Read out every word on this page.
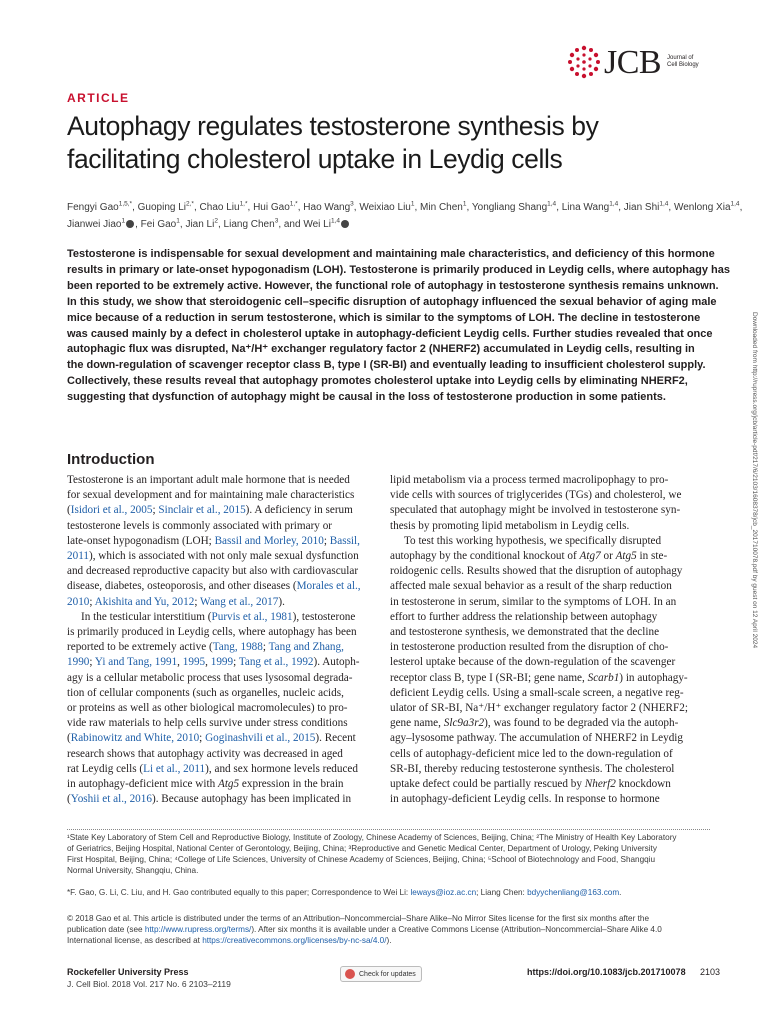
JCB Journal of
Cell Biology
ARTICLE
Autophagy regulates testosterone synthesis by facilitating cholesterol uptake in Leydig cells
Fengyi Gao$^{1,5,*}$, Guoping $Li^{2,*}$, Chao Liu$^{1,*}$, Hui Gao$^{1,*}$, Hao Wang$^3$, Weixiao Liu$^1$, Min Chen$^1$, Yongliang Shang$^{1,4}$, Lina Wang$^{1,4}$, Jian Shi$^{1,4}$, Wenlong Xia$^{1,4}$,
Jianwei Jiao$^1$ , Fei Gao$^1$, Jian Li$^2$, Liang Chen$^3$, and Wei Li$^{1,4}$
Testosterone is indispensable for sexual development and maintaining male characteristics, and deficiency of this hormone
results in primary or late-onset hypogonadism (LOH). Testosterone is primarily produced in Leydig cells, where autophagy has
been reported to be extremely active. However, the functional role of autophagy in testosterone synthesis remains unknown.
In this study, we show that steroidogenic cell–specific disruption of autophagy influenced the sexual behavior of aging male
mice because of a reduction in serum testosterone, which is similar to the symptoms of LOH. The decline in testosterone
was caused mainly by a defect in cholesterol uptake in autophagy-deficient Leydig cells. Further studies revealed that once
autophagic flux was disrupted, Na⁺/H⁺ exchanger regulatory factor 2 (NHERF2) accumulated in Leydig cells, resulting in
the down-regulation of scavenger receptor class B, type I (SR-BI) and eventually leading to insufficient cholesterol supply.
Collectively, these results reveal that autophagy promotes cholesterol uptake into Leydig cells by eliminating NHERF2,
suggesting that dysfunction of autophagy might be causal in the loss of testosterone production in some patients.
Introduction
Testosterone is an important adult male hormone that is needed
for sexual development and for maintaining male characteristics
(Isidori et al., 2005; Sinclair et al., 2015). A deficiency in serum
testosterone levels is commonly associated with primary or
late-onset hypogonadism (LOH; Bassil and Morley, 2010; Bassil,
2011), which is associated with not only male sexual dysfunction
and decreased reproductive capacity but also with cardiovascular
disease, diabetes, osteoporosis, and other diseases (Morales et al.,
2010; Akishita and Yu, 2012; Wang et al., 2017).
In the testicular interstitium (Purvis et al., 1981), testosterone
is primarily produced in Leydig cells, where autophagy has been
reported to be extremely active (Tang, 1988; Tang and Zhang,
1990; Yi and Tang, 1991, 1995, 1999; Tang et al., 1992). Autoph-
agy is a cellular metabolic process that uses lysosomal degrada-
tion of cellular components (such as organelles, nucleic acids,
or proteins as well as other biological macromolecules) to pro-
vide raw materials to help cells survive under stress conditions
(Rabinowitz and White, 2010; Goginashvili et al., 2015). Recent
research shows that autophagy activity was decreased in aged
rat Leydig cells (Li et al., 2011), and sex hormone levels reduced
in autophagy-deficient mice with Atg5 expression in the brain
(Yoshii et al., 2016). Because autophagy has been implicated in
lipid metabolism via a process termed macrolipophagy to pro-
vide cells with sources of triglycerides (TGs) and cholesterol, we
speculated that autophagy might be involved in testosterone syn-
thesis by promoting lipid metabolism in Leydig cells.
To test this working hypothesis, we specifically disrupted
autophagy by the conditional knockout of Atg7 or Atg5 in ste-
roidogenic cells. Results showed that the disruption of autophagy
affected male sexual behavior as a result of the sharp reduction
in testosterone in serum, similar to the symptoms of LOH. In an
effort to further address the relationship between autophagy
and testosterone synthesis, we demonstrated that the decline
in testosterone production resulted from the disruption of cho-
lesterol uptake because of the down-regulation of the scavenger
receptor class B, type I (SR-BI; gene name, Scarb1) in autophagy-
deficient Leydig cells. Using a small-scale screen, a negative reg-
ulator of SR-BI, Na⁺/H⁺ exchanger regulatory factor 2 (NHERF2;
gene name, Slc9a3r2), was found to be degraded via the autoph-
agy–lysosome pathway. The accumulation of NHERF2 in Leydig
cells of autophagy-deficient mice led to the down-regulation of
SR-BI, thereby reducing testosterone synthesis. The cholesterol
uptake defect could be partially rescued by Nherf2 knockdown
in autophagy-deficient Leydig cells. In response to hormone
¹State Key Laboratory of Stem Cell and Reproductive Biology, Institute of Zoology, Chinese Academy of Sciences, Beijing, China; ²The Ministry of Health Key Laboratory
of Geriatrics, Beijing Hospital, National Center of Gerontology, Beijing, China; ³Reproductive and Genetic Medical Center, Department of Urology, Peking University
First Hospital, Beijing, China; ⁴College of Life Sciences, University of Chinese Academy of Sciences, Beijing, China; ⁵School of Biotechnology and Food, Shangqiu
Normal University, Shangqiu, China.
*F. Gao, G. Li, C. Liu, and H. Gao contributed equally to this paper; Correspondence to Wei Li: leways@ioz.ac.cn; Liang Chen: bdyychenliang@163.com.
© 2018 Gao et al. This article is distributed under the terms of an Attribution–Noncommercial–Share Alike–No Mirror Sites license for the first six months after the
publication date (see http://www.rupress.org/terms/). After six months it is available under a Creative Commons License (Attribution–Noncommercial–Share Alike 4.0
International license, as described at https://creativecommons.org/licenses/by-nc-sa/4.0/).
Rockefeller University Press
J. Cell Biol. 2018 Vol. 217 No. 6 2103–2119
Check for updates	https://doi.org/10.1083/jcb.201710078 2103
Downloaded from http://rupress.org/jcb/article-pdf/217/6/2103/1608378/jcb_201710078.pdf by guest on 12 April 2024
